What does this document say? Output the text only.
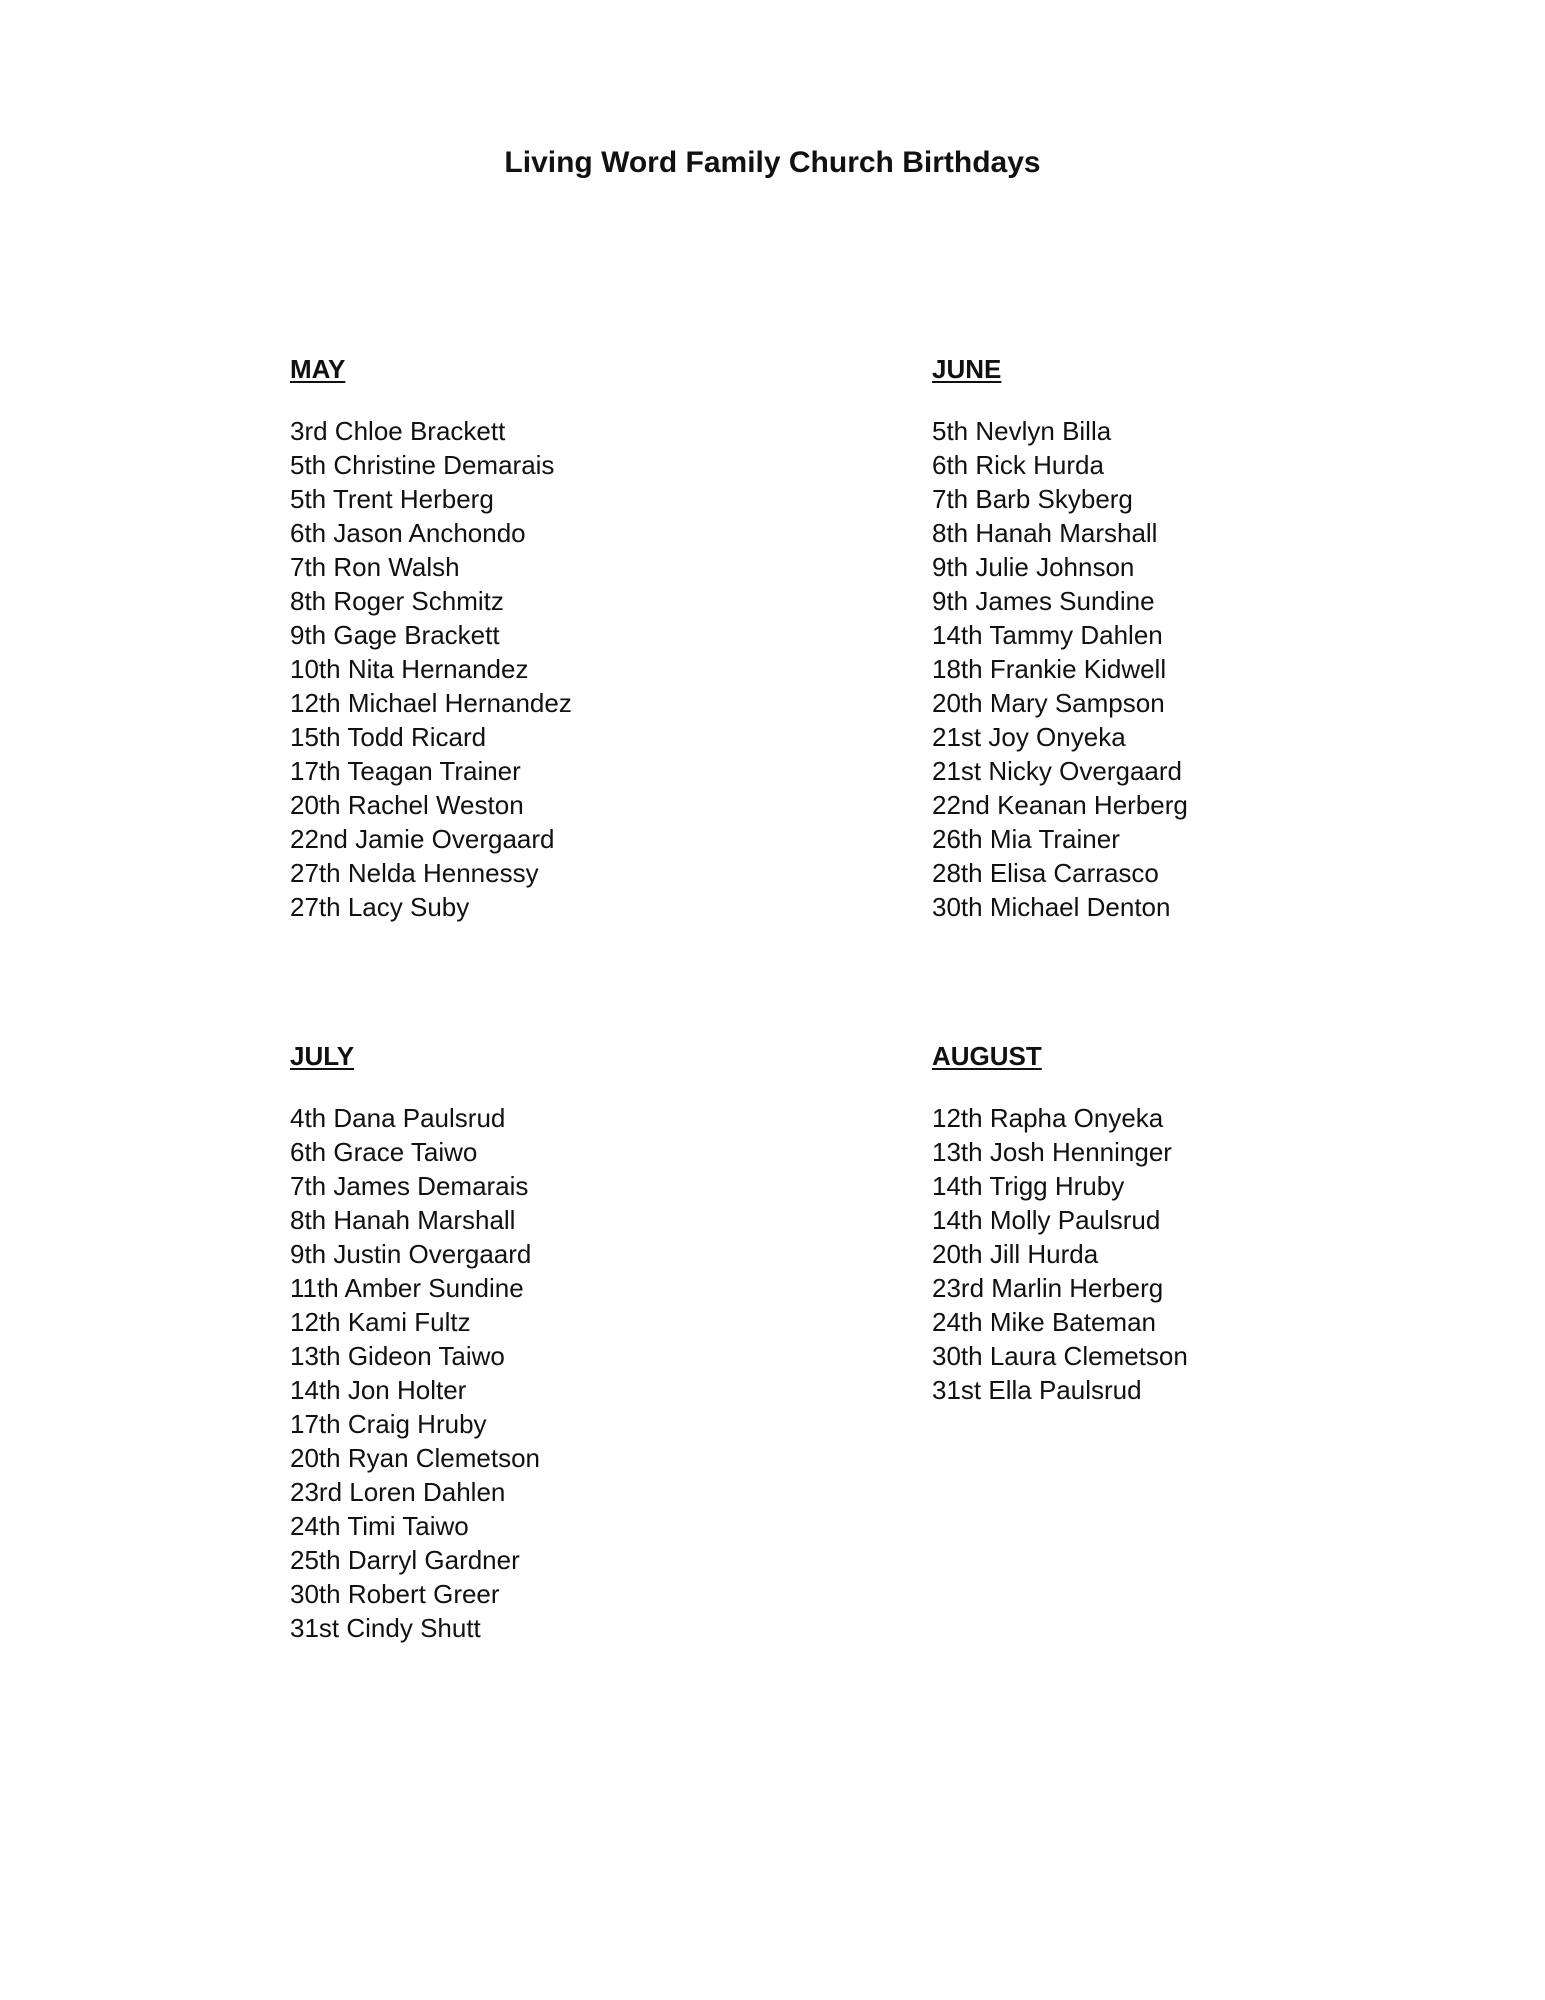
Living Word Family Church Birthdays
MAY
3rd Chloe Brackett
5th Christine Demarais
5th Trent Herberg
6th Jason Anchondo
7th Ron Walsh
8th Roger Schmitz
9th Gage Brackett
10th Nita Hernandez
12th Michael Hernandez
15th Todd Ricard
17th Teagan Trainer
20th Rachel Weston
22nd Jamie Overgaard
27th Nelda Hennessy
27th Lacy Suby
JUNE
5th Nevlyn Billa
6th Rick Hurda
7th Barb Skyberg
8th Hanah Marshall
9th Julie Johnson
9th James Sundine
14th Tammy Dahlen
18th Frankie Kidwell
20th Mary Sampson
21st Joy Onyeka
21st Nicky Overgaard
22nd Keanan Herberg
26th Mia Trainer
28th Elisa Carrasco
30th Michael Denton
JULY
4th Dana Paulsrud
6th Grace Taiwo
7th James Demarais
8th Hanah Marshall
9th Justin Overgaard
11th Amber Sundine
12th Kami Fultz
13th Gideon Taiwo
14th Jon Holter
17th Craig Hruby
20th Ryan Clemetson
23rd Loren Dahlen
24th Timi Taiwo
25th Darryl Gardner
30th Robert Greer
31st Cindy Shutt
AUGUST
12th Rapha Onyeka
13th Josh Henninger
14th Trigg Hruby
14th Molly Paulsrud
20th Jill Hurda
23rd Marlin Herberg
24th Mike Bateman
30th Laura Clemetson
31st Ella Paulsrud
